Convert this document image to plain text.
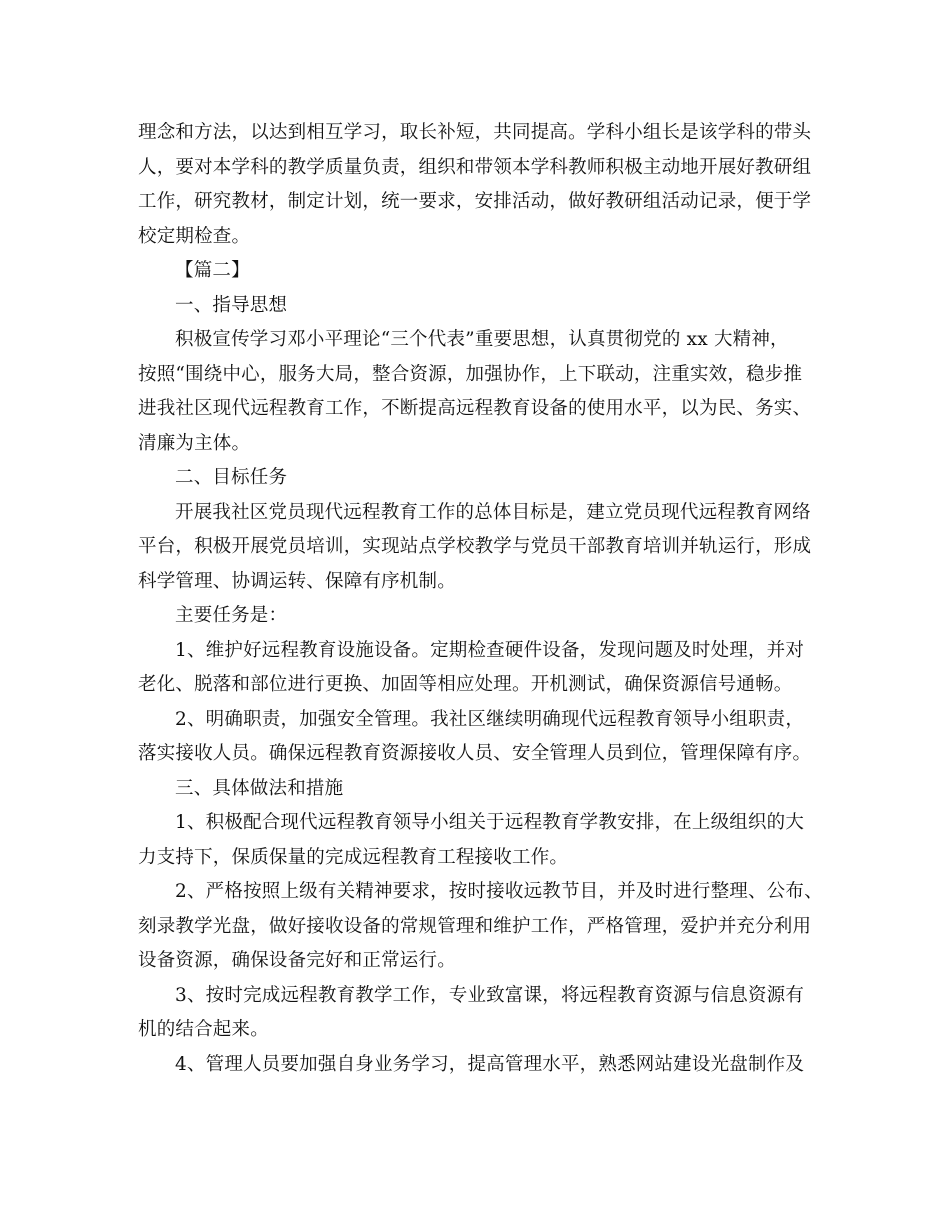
理念和方法，以达到相互学习，取长补短，共同提高。学科小组长是该学科的带头
人，要对本学科的教学质量负责，组织和带领本学科教师积极主动地开展好教研组
工作，研究教材，制定计划，统一要求，安排活动，做好教研组活动记录，便于学
校定期检查。
【篇二】
一、指导思想
积极宣传学习邓小平理论“三个代表”重要思想，认真贯彻党的 xx 大精神，
按照“围绕中心，服务大局，整合资源，加强协作，上下联动，注重实效，稳步推
进我社区现代远程教育工作，不断提高远程教育设备的使用水平，以为民、务实、
清廉为主体。
二、目标任务
开展我社区党员现代远程教育工作的总体目标是，建立党员现代远程教育网络
平台，积极开展党员培训，实现站点学校教学与党员干部教育培训并轨运行，形成
科学管理、协调运转、保障有序机制。
主要任务是：
1、维护好远程教育设施设备。定期检查硬件设备，发现问题及时处理，并对
老化、脱落和部位进行更换、加固等相应处理。开机测试，确保资源信号通畅。
2、明确职责，加强安全管理。我社区继续明确现代远程教育领导小组职责，
落实接收人员。确保远程教育资源接收人员、安全管理人员到位，管理保障有序。
三、具体做法和措施
1、积极配合现代远程教育领导小组关于远程教育学教安排，在上级组织的大
力支持下，保质保量的完成远程教育工程接收工作。
2、严格按照上级有关精神要求，按时接收远教节目，并及时进行整理、公布、
刻录教学光盘，做好接收设备的常规管理和维护工作，严格管理，爱护并充分利用
设备资源，确保设备完好和正常运行。
3、按时完成远程教育教学工作，专业致富课，将远程教育资源与信息资源有
机的结合起来。
4、管理人员要加强自身业务学习，提高管理水平，熟悉网站建设光盘制作及
